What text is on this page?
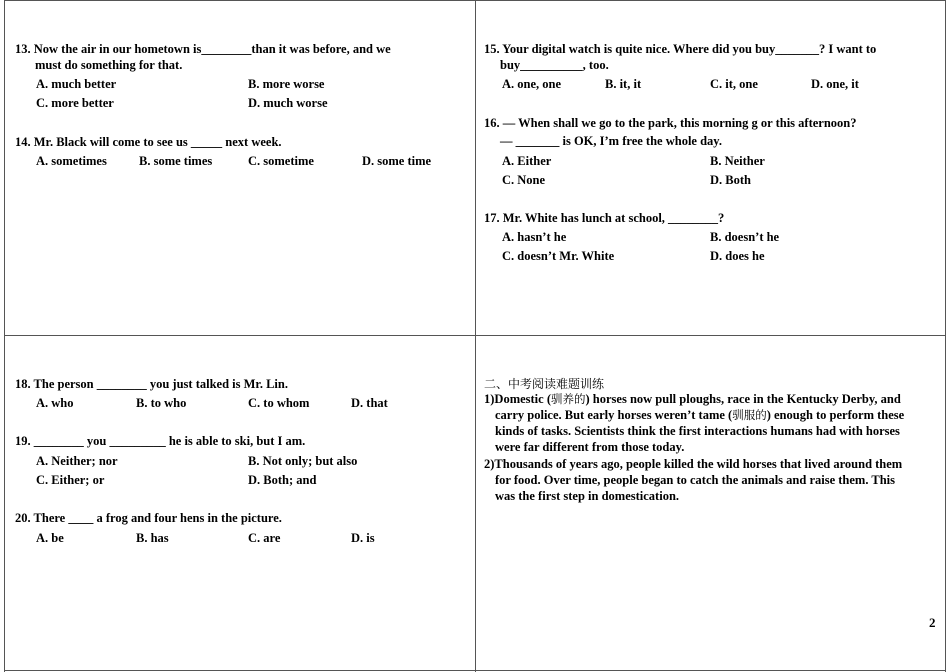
13. Now the air in our hometown is________than it was before, and we
must do something for that.
A. much better	B. more worse
C. more better	D. much worse
14. Mr. Black will come to see us _____ next week.
A. sometimes	B. some times	C. sometime	D. some time
15. Your digital watch is quite nice. Where did you buy_______? I want to
buy__________, too.
A. one, one	B. it, it	C. it, one	D. one, it
16. — When shall we go to the park, this morning g or this afternoon?
— _______ is OK, I’m free the whole day.
A. Either	B. Neither
C. None	D. Both
17. Mr. White has lunch at school, ________?
A. hasn’t he	B. doesn’t he
C. doesn’t Mr. White	D. does he
18. The person ________ you just talked is Mr. Lin.
A. who	B. to who	C. to whom	D. that
19. ________ you _________ he is able to ski, but I am.
A. Neither; nor	B. Not only; but also
C. Either; or	D. Both; and
20. There ____ a frog and four hens in the picture.
A. be	B. has	C. are	D. is
二、中考阅读难题训练
1)Domestic (驯养的) horses now pull ploughs, race in the Kentucky Derby, and
carry police. But early horses weren’t tame (驯服的) enough to perform these
kinds of tasks. Scientists think the first interactions humans had with horses
were far different from those today.
2)Thousands of years ago, people killed the wild horses that lived around them
for food. Over time, people began to catch the animals and raise them. This
was the first step in domestication.
2
